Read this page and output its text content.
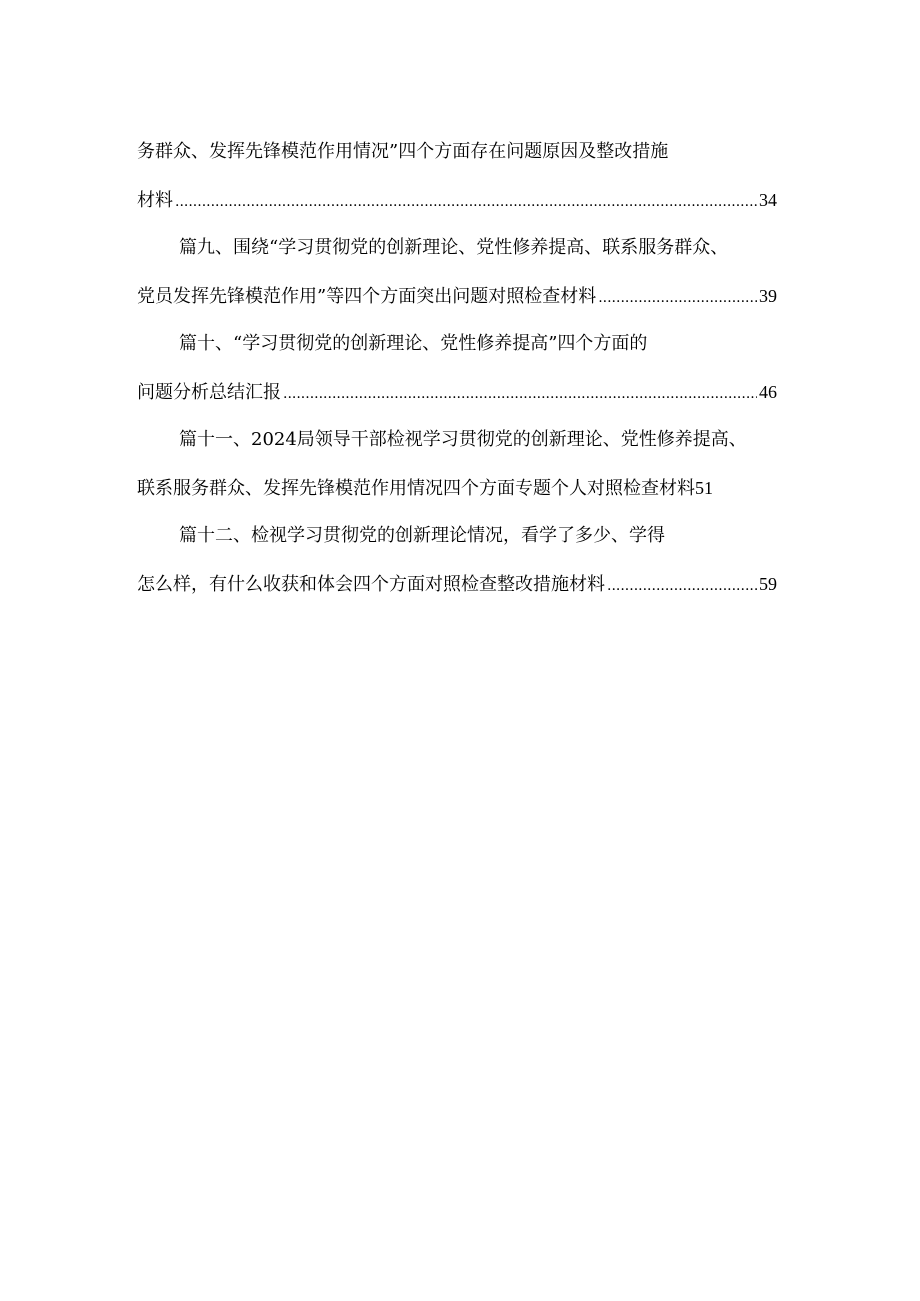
务群众、发挥先锋模范作用情况”四个方面存在问题原因及整改措施
材料 .....	34
篇九、围绕“学习贯彻党的创新理论、党性修养提高、联系服务群众、
党员发挥先锋模范作用”等四个方面突出问题对照检查材料 .....	39
篇十、“学习贯彻党的创新理论、党性修养提高”四个方面的
问题分析总结汇报 .....	46
篇十一、2024局领导干部检视学习贯彻党的创新理论、党性修养提高、
联系服务群众、发挥先锋模范作用情况四个方面专题个人对照检查材料 51
篇十二、检视学习贯彻党的创新理论情况，看学了多少、学得
怎么样，有什么收获和体会四个方面对照检查整改措施材料 .....	59
